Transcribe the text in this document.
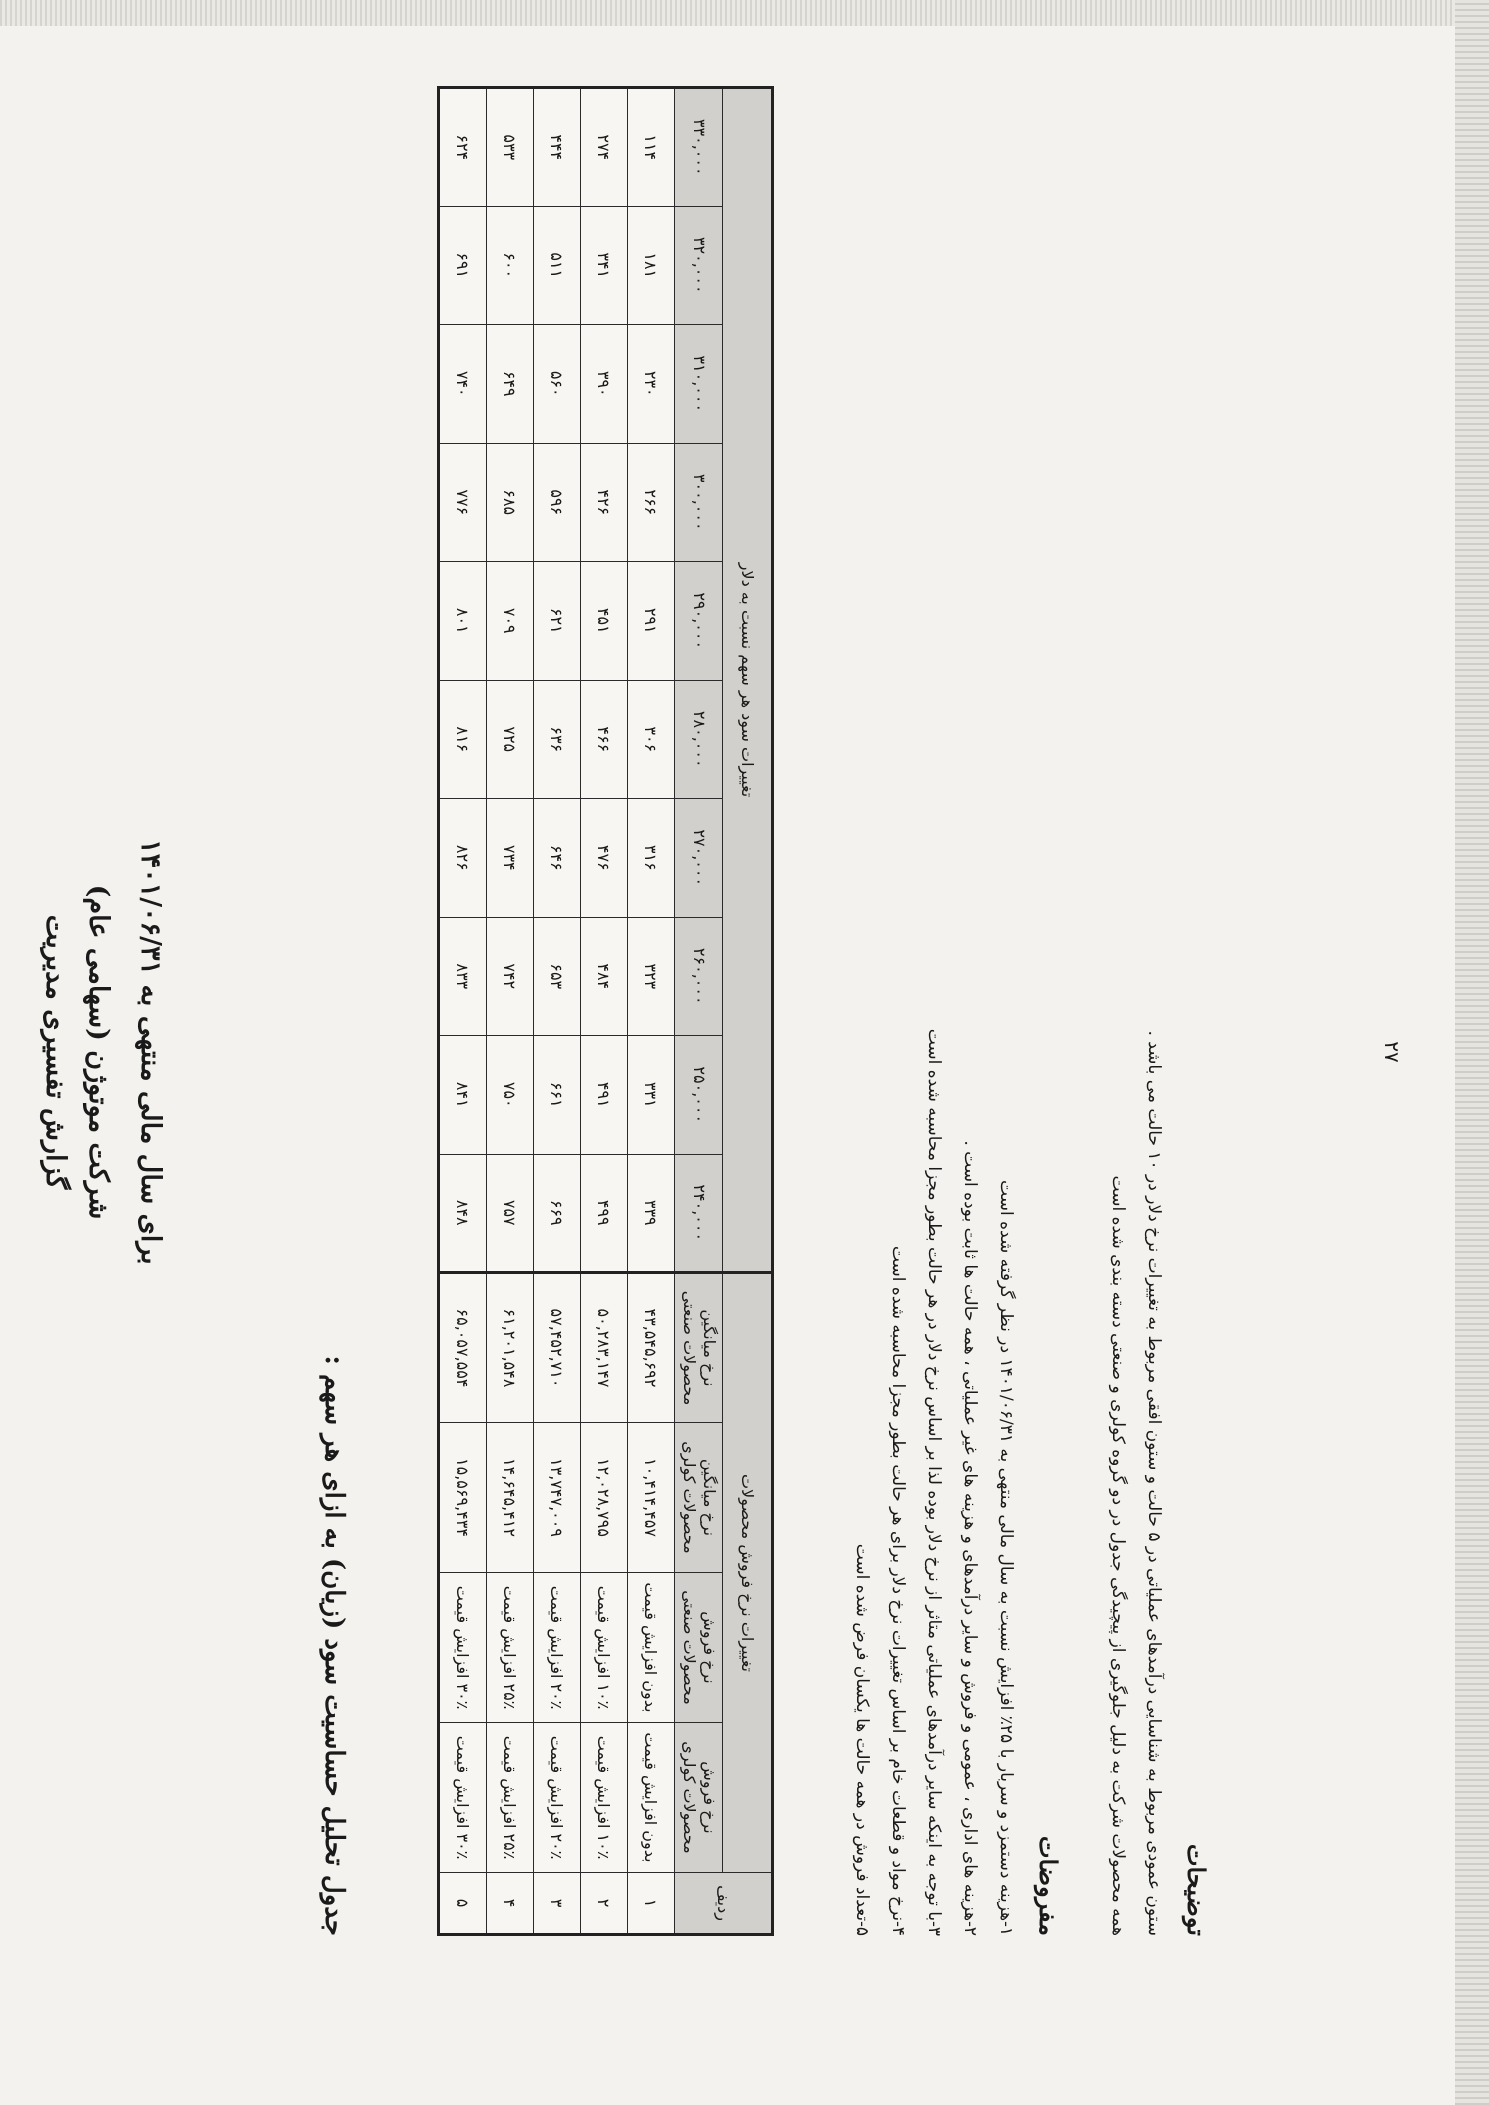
گزارش تفسیری مدیریت شرکت موتوژن (سهامی عام) برای سال مالی منتهی به ۱۴۰۱/۰۶/۳۱
جدول تحلیل حساسیت سود (زیان) به ازای هر سهم :	ردیف	تغییرات نرخ فروش محصولات				تغییرات سود هر سهم نسبت به دلار									
	نرخ فروش محصولات کولری	نرخ فروش محصولات صنعتی	نرخ میانگین محصولات کولری	نرخ میانگین محصولات صنعتی	۲۴۰,۰۰۰	۲۵۰,۰۰۰	۲۶۰,۰۰۰	۲۷۰,۰۰۰	۲۸۰,۰۰۰	۲۹۰,۰۰۰	۳۰۰,۰۰۰	۳۱۰,۰۰۰	۳۲۰,۰۰۰	۳۳۰,۰۰۰
۱	بدون افزایش قیمت	بدون افزایش قیمت	۱۰,۴۱۴,۴۵۷	۴۳,۵۴۵,۶۹۲	۳۳۹	۳۳۱	۳۲۳	۳۱۶	۳۰۶	۲۹۱	۲۶۶	۲۳۰	۱۸۱	۱۱۴
۲	۱۰٪ افزایش قیمت	۱۰٪ افزایش قیمت	۱۲,۰۲۸,۷۹۵	۵۰,۲۸۳,۱۴۷	۴۹۹	۴۹۱	۴۸۴	۴۷۶	۴۶۶	۴۵۱	۴۲۶	۳۹۰	۳۴۱	۲۷۴
۳	۲۰٪ افزایش قیمت	۲۰٪ افزایش قیمت	۱۳,۷۴۷,۰۰۹	۵۷,۴۵۲,۷۱۰	۶۶۹	۶۶۱	۶۵۳	۶۴۶	۶۳۶	۶۲۱	۵۹۶	۵۶۰	۵۱۱	۴۴۴
۴	۲۵٪ افزایش قیمت	۲۵٪ افزایش قیمت	۱۴,۶۴۵,۴۱۲	۶۱,۲۰۱,۵۴۸	۷۵۷	۷۵۰	۷۴۲	۷۳۴	۷۲۵	۷۰۹	۶۸۵	۶۴۹	۶۰۰	۵۳۳
۵	۳۰٪ افزایش قیمت	۳۰٪ افزایش قیمت	۱۵,۵۶۹,۴۳۴	۶۵,۰۵۷,۵۵۴	۸۴۸	۸۴۱	۸۳۳	۸۲۶	۸۱۶	۸۰۱	۷۷۶	۷۴۰	۶۹۱	۶۲۴
توضیحات
ستون عمودی مربوط به شناسایی درآمدهای عملیاتی در ۵ حالت و ستون افقی مربوط به تغییرات نرخ دلار در ۱۰ حالت می باشد .
همه محصولات شرکت به دلیل جلوگیری از پیچیدگی جدول در دو گروه کولری و صنعتی دسته بندی شده است
مفروضات
۱-هزینه دستمزد و سربار با ۲۵٪ افزایش نسبت به سال مالی منتهی به ۱۴۰۱/۰۶/۳۱ در نظر گرفته شده است
۲-هزینه های اداری ، عمومی و فروش و سایر درآمدهای و هزینه های غیر عملیاتی ، همه حالت ها ثابت بوده است .
۳-با توجه به اینکه سایر درآمدهای عملیاتی متاثر از نرخ دلار بوده لذا بر اساس نرخ دلار در هر حالت بطور مجزا محاسبه شده است
۴-نرخ مواد و قطعات خام بر اساس تغییرات نرخ دلار برای هر حالت بطور مجزا محاسبه شده است
۵-تعداد فروش در همه حالت ها یکسان فرض شده است
۲۷
